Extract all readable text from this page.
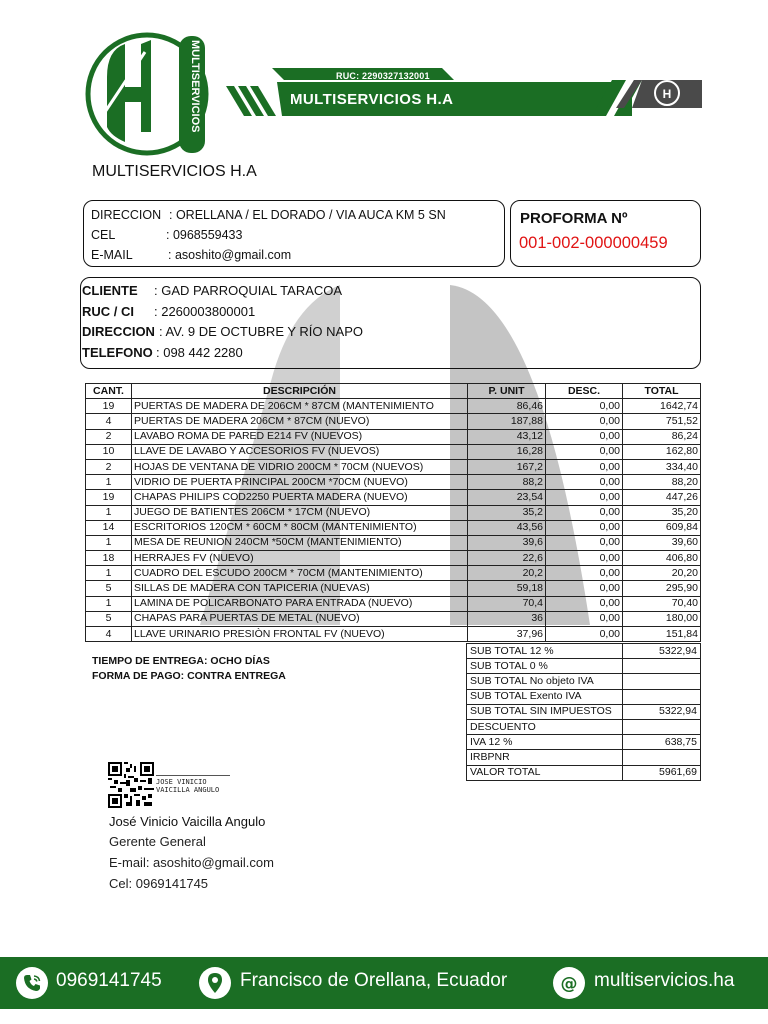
MULTISERVICIOS	H
RUC: 2290327132001
MULTISERVICIOS H.A
MULTISERVICIOS H.A
DIRECCION : ORELLANA / EL DORADO / VIA AUCA KM 5 SN
CEL	: 0968559433
E-MAIL	: asoshito@gmail.com
PROFORMA Nº
001-002-000000459
CLIENTE : GAD PARROQUIAL TARACOA
RUC / CI : 2260003800001
DIRECCION : AV. 9 DE OCTUBRE Y RÍO NAPO
TELEFONO : 098 442 2280
CANT.	DESCRIPCIÓN	P. UNIT	DESC.	TOTAL
19	PUERTAS DE MADERA DE 206CM * 87CM (MANTENIMIENTO	86,46	0,00	1642,74
4	PUERTAS DE MADERA 206CM * 87CM (NUEVO)	187,88	0,00	751,52
2	LAVABO ROMA DE PARED E214 FV (NUEVOS)	43,12	0,00	86,24
10	LLAVE DE LAVABO Y ACCESORIOS FV (NUEVOS)	16,28	0,00	162,80
2	HOJAS DE VENTANA DE VIDRIO 200CM * 70CM (NUEVOS)	167,2	0,00	334,40
1	VIDRIO DE PUERTA PRINCIPAL 200CM *70CM (NUEVO)	88,2	0,00	88,20
19	CHAPAS PHILIPS COD2250 PUERTA MADERA (NUEVO)	23,54	0,00	447,26
1	JUEGO DE BATIENTES 206CM * 17CM (NUEVO)	35,2	0,00	35,20
14	ESCRITORIOS 120CM * 60CM * 80CM (MANTENIMIENTO)	43,56	0,00	609,84
1	MESA DE REUNION 240CM *50CM (MANTENIMIENTO)	39,6	0,00	39,60
18	HERRAJES FV (NUEVO)	22,6	0,00	406,80
1	CUADRO DEL ESCUDO 200CM * 70CM (MANTENIMIENTO)	20,2	0,00	20,20
5	SILLAS DE MADERA CON TAPICERIA (NUEVAS)	59,18	0,00	295,90
1	LAMINA DE POLICARBONATO PARA ENTRADA (NUEVO)	70,4	0,00	70,40
5	CHAPAS PARA PUERTAS DE METAL (NUEVO)	36	0,00	180,00
4	LLAVE URINARIO PRESIÒN FRONTAL FV (NUEVO)	37,96	0,00	151,84
SUB TOTAL 12 %	5322,94
SUB TOTAL 0 %	
SUB TOTAL No objeto IVA	
SUB TOTAL Exento IVA	
SUB TOTAL SIN IMPUESTOS	5322,94
DESCUENTO	
IVA 12 %	638,75
IRBPNR	
VALOR TOTAL	5961,69
TIEMPO DE ENTREGA: OCHO DÍAS
FORMA DE PAGO: CONTRA ENTREGA
JOSE VINICIO
VAICILLA ANGULO
José Vinicio Vaicilla Angulo
Gerente General
E-mail: asoshito@gmail.com
Cel: 0969141745
0969141745	Francisco de Orellana, Ecuador	@ multiservicios.ha
